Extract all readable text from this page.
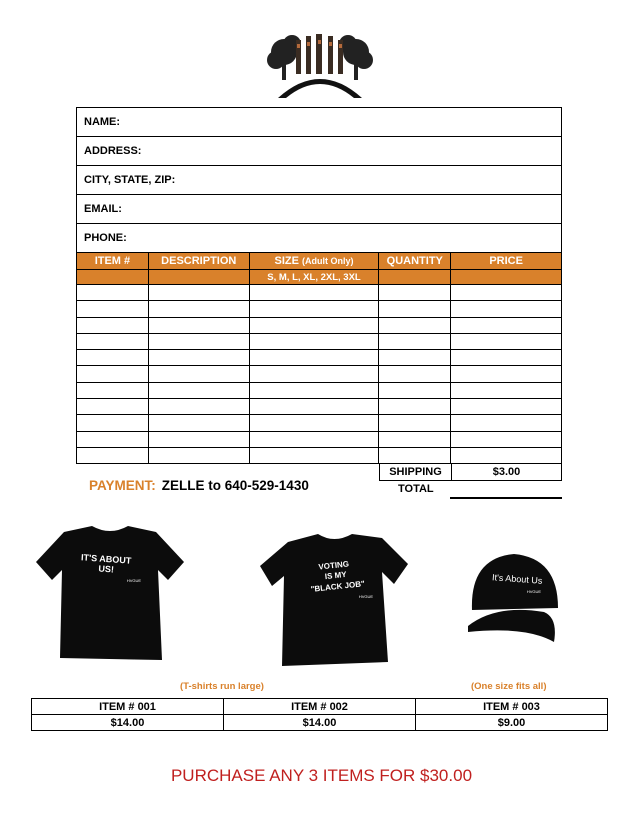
HVGUE
NAME:
ADDRESS:
CITY, STATE, ZIP:
EMAIL:
PHONE:
ITEM #	DESCRIPTION	SIZE (Adult Only)	QUANTITY	PRICE
		S, M, L, XL, 2XL, 3XL		

SHIPPING	$3.00
TOTAL
PAYMENT: ZELLE to 640-529-1430
IT'S ABOUT
US!
HVGUE
VOTING
IS MY
"BLACK JOB"
HVGUE
It's About Us
HVGUE
(T-shirts run large)	(One size fits all)
ITEM # 001	ITEM # 002	ITEM # 003
$14.00	$14.00	$9.00
PURCHASE ANY 3 ITEMS FOR $30.00
